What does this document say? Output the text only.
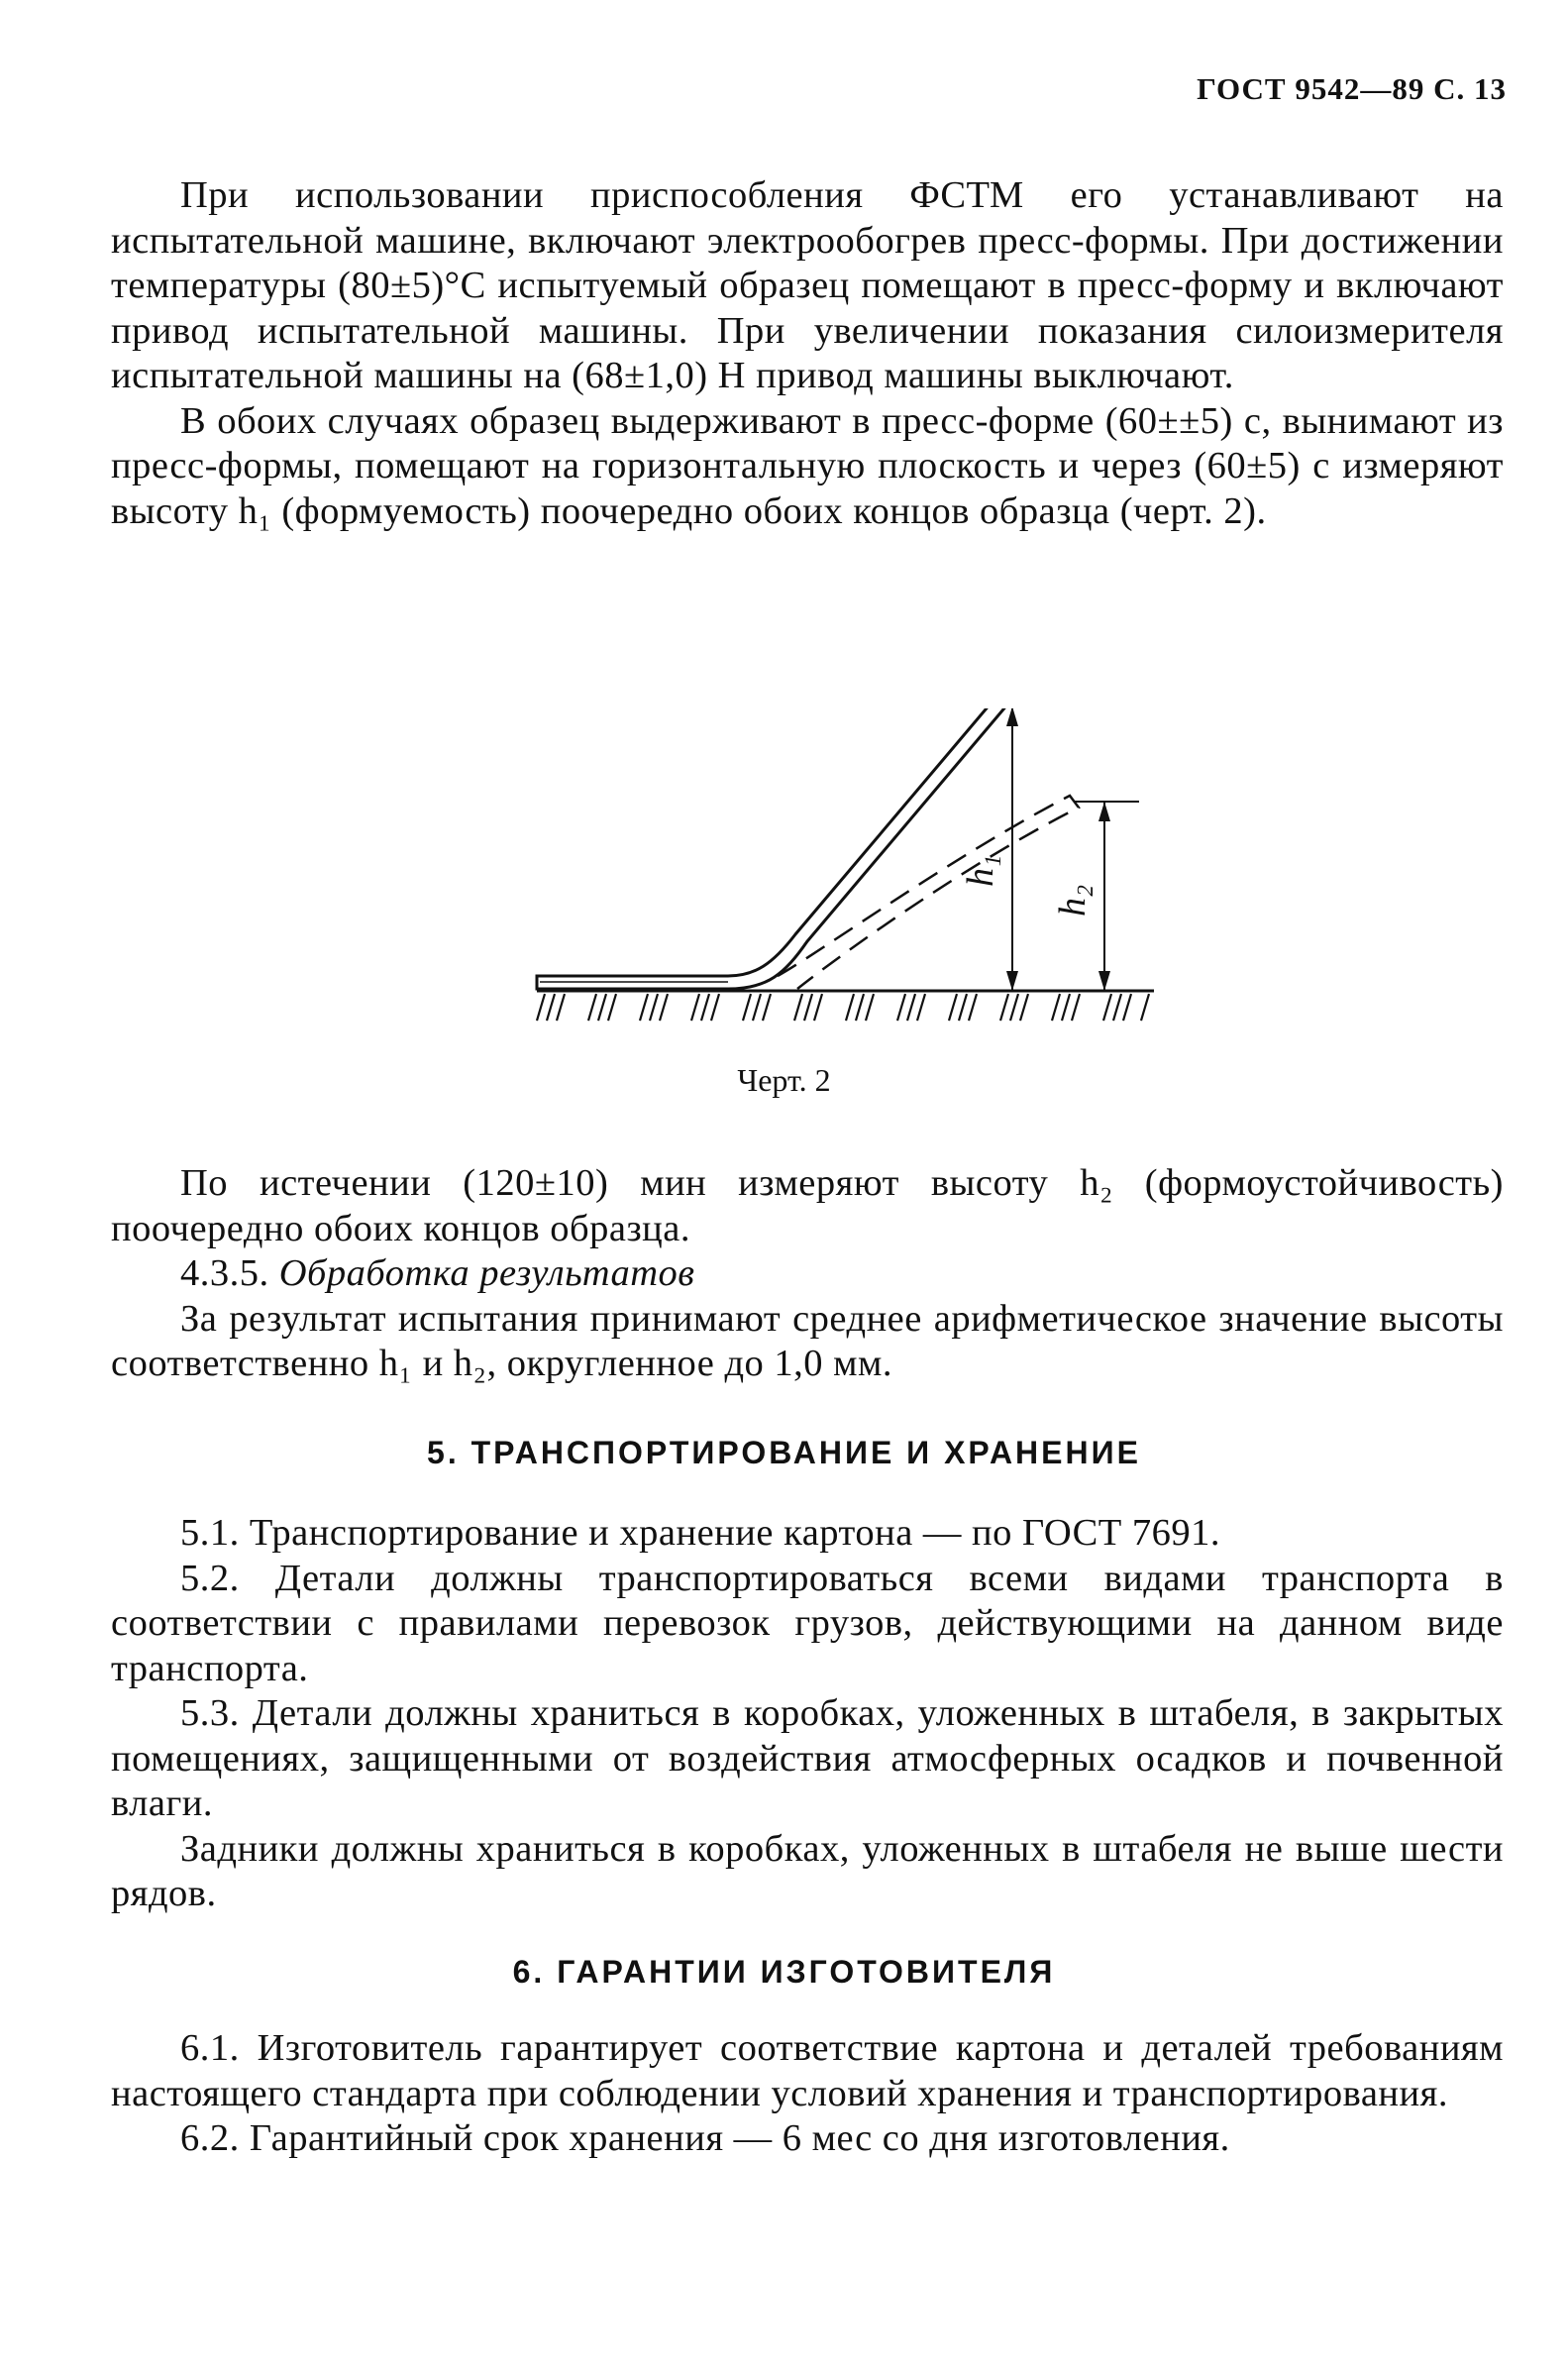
ГОСТ 9542—89 С. 13

При использовании приспособления ФСТМ его устанавливают на испытательной машине, включают электрообогрев пресс-формы. При достижении температуры (80±5)°С испытуемый образец помещают в пресс-форму и включают привод испытательной машины. При увеличении показания силоизмерителя испытательной машины на (68±1,0) Н привод машины выключают.

В обоих случаях образец выдерживают в пресс-форме (60±±5) с, вынимают из пресс-формы, помещают на горизонтальную плоскость и через (60±5) с измеряют высоту h₁ (формуемость) поочередно обоих концов образца (черт. 2).

h₁
h₂
Черт. 2

По истечении (120±10) мин измеряют высоту h₂ (формоустойчивость) поочередно обоих концов образца.

4.3.5. Обработка результатов

За результат испытания принимают среднее арифметическое значение высоты соответственно h₁ и h₂, округленное до 1,0 мм.

5. ТРАНСПОРТИРОВАНИЕ И ХРАНЕНИЕ

5.1. Транспортирование и хранение картона — по ГОСТ 7691.

5.2. Детали должны транспортироваться всеми видами транспорта в соответствии с правилами перевозок грузов, действующими на данном виде транспорта.

5.3. Детали должны храниться в коробках, уложенных в штабеля, в закрытых помещениях, защищенными от воздействия атмосферных осадков и почвенной влаги.

Задники должны храниться в коробках, уложенных в штабеля не выше шести рядов.

6. ГАРАНТИИ ИЗГОТОВИТЕЛЯ

6.1. Изготовитель гарантирует соответствие картона и деталей требованиям настоящего стандарта при соблюдении условий хранения и транспортирования.

6.2. Гарантийный срок хранения — 6 мес со дня изготовления.
